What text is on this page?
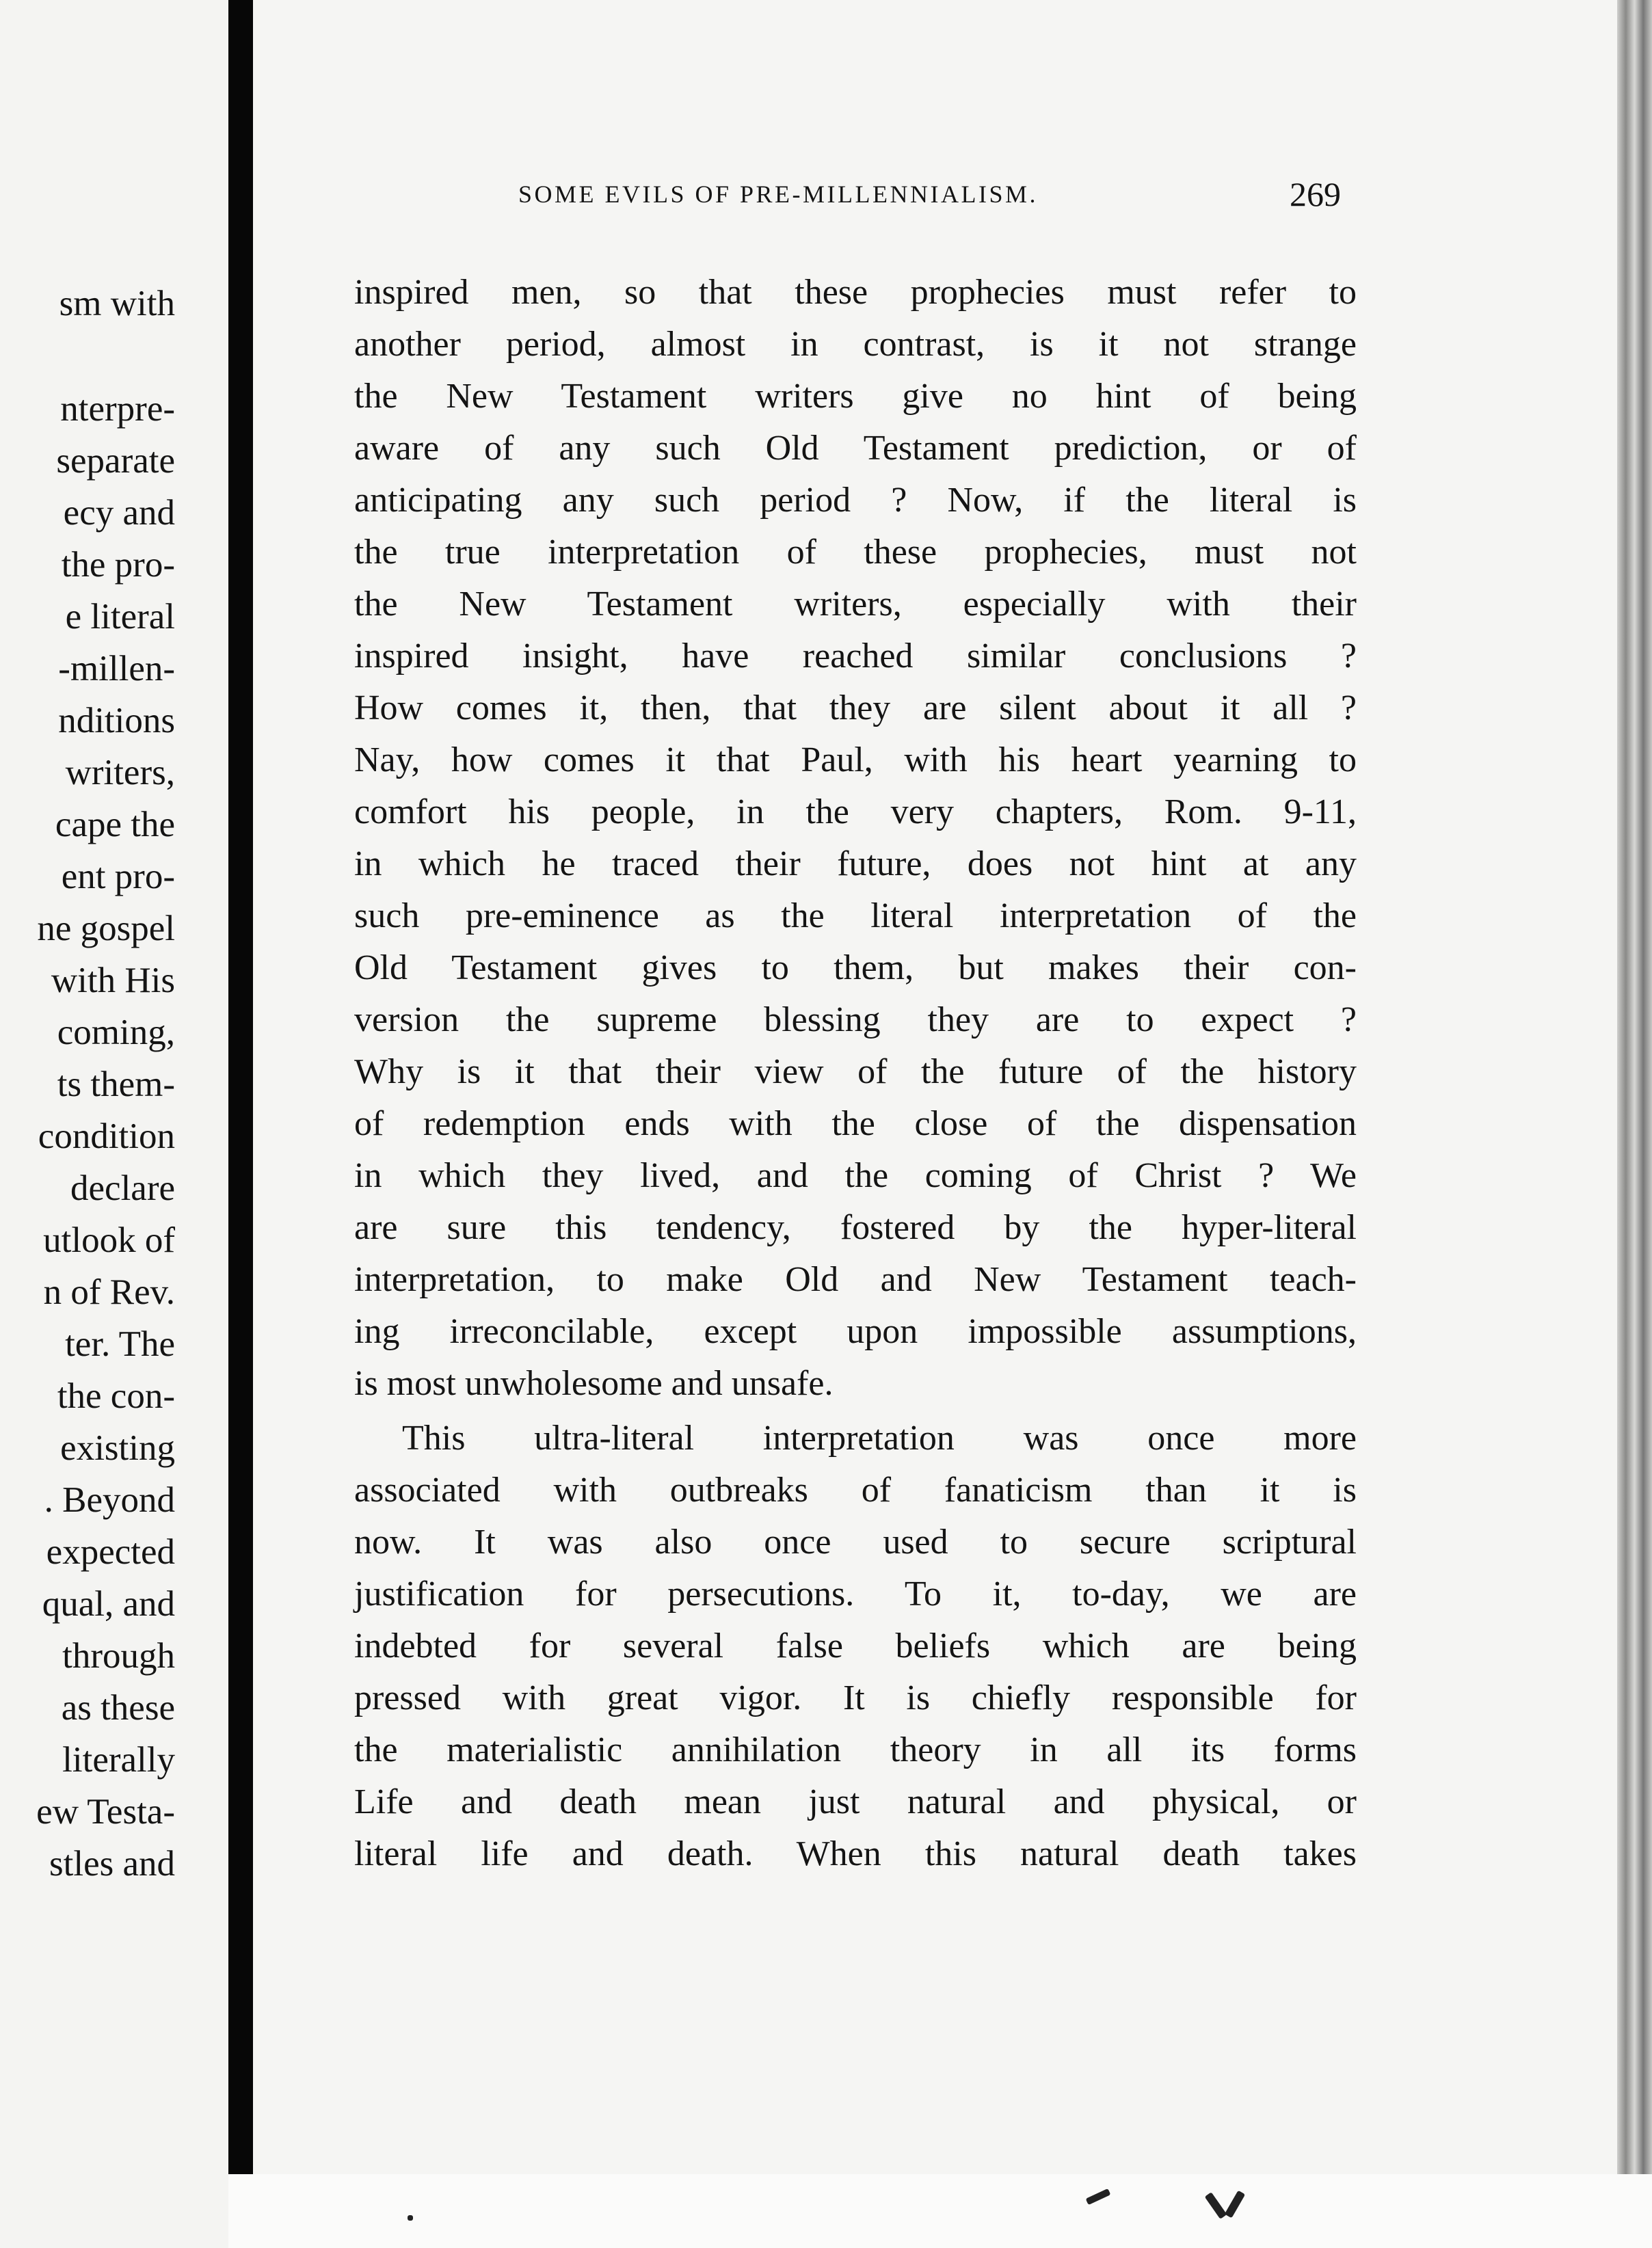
sm with
nterpre-
separate
ecy and
the pro-
e literal
-millen-
nditions
writers,
cape the
ent pro-
ne gospel
with His
coming,
ts them-
condition
declare
utlook of
n of Rev.
ter. The
the con-
existing
. Beyond
expected
qual, and
through
as these
literally
ew Testa-
stles and
SOME EVILS OF PRE-MILLENNIALISM.	269
inspired men, so that these prophecies must refer to
another period, almost in contrast, is it not strange
the New Testament writers give no hint of being
aware of any such Old Testament prediction, or of
anticipating any such period ? Now, if the literal is
the true interpretation of these prophecies, must not
the New Testament writers, especially with their
inspired insight, have reached similar conclusions ?
How comes it, then, that they are silent about it all ?
Nay, how comes it that Paul, with his heart yearning to
comfort his people, in the very chapters, Rom. 9-11,
in which he traced their future, does not hint at any
such pre-eminence as the literal interpretation of the
Old Testament gives to them, but makes their con-
version the supreme blessing they are to expect ?
Why is it that their view of the future of the history
of redemption ends with the close of the dispensation
in which they lived, and the coming of Christ ? We
are sure this tendency, fostered by the hyper-literal
interpretation, to make Old and New Testament teach-
ing irreconcilable, except upon impossible assumptions,
is most unwholesome and unsafe.
This ultra-literal interpretation was once more
associated with outbreaks of fanaticism than it is
now. It was also once used to secure scriptural
justification for persecutions. To it, to-day, we are
indebted for several false beliefs which are being
pressed with great vigor. It is chiefly responsible for
the materialistic annihilation theory in all its forms
Life and death mean just natural and physical, or
literal life and death. When this natural death takes
